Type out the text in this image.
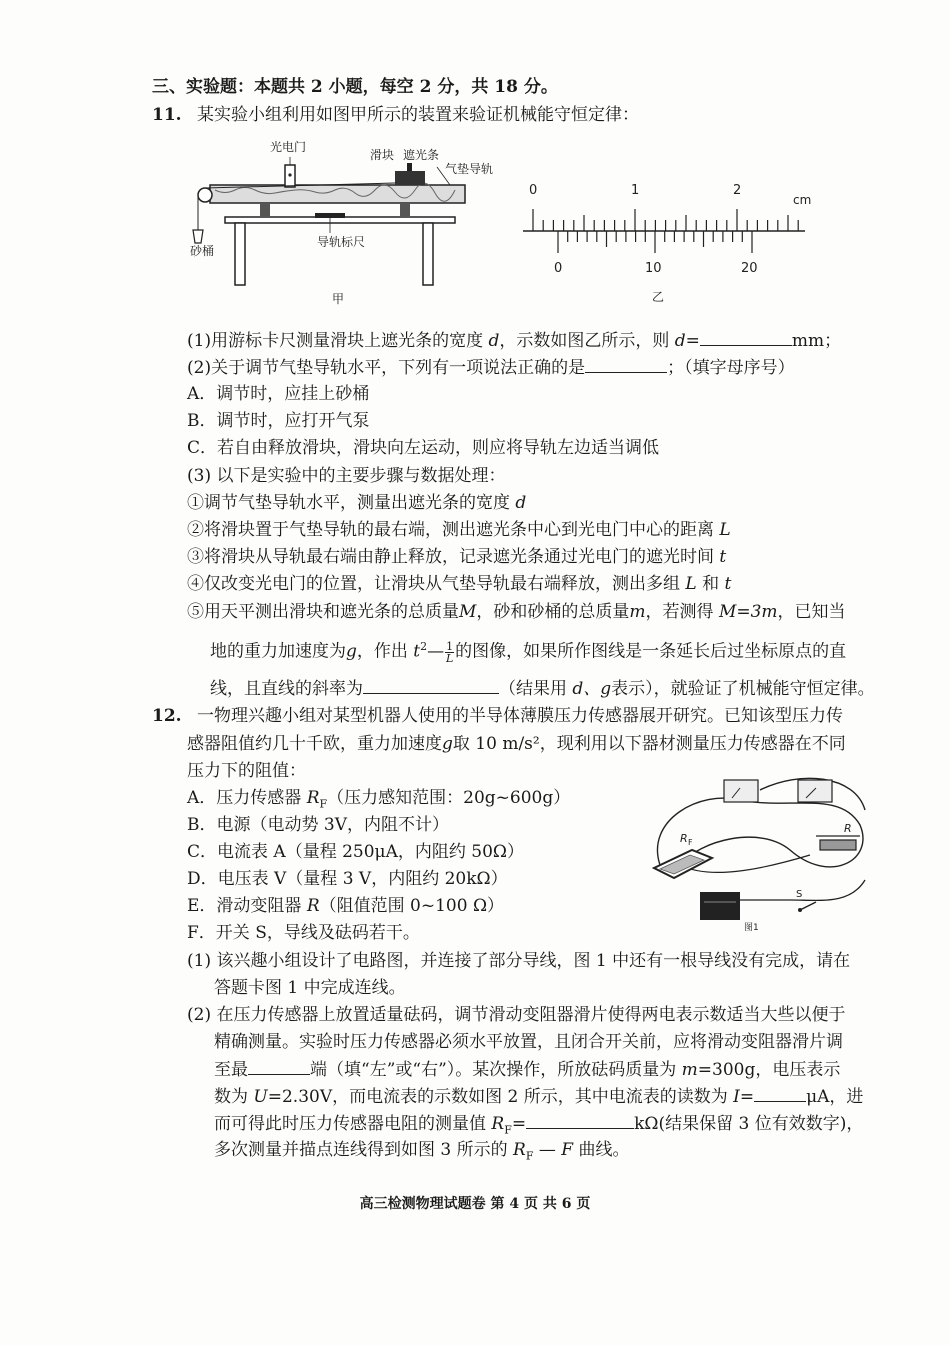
三、实验题：本题共 2 小题，每空 2 分，共 18 分。
11. 某实验小组利用如图甲所示的装置来验证机械能守恒定律：
光电门
滑块 遮光条
气垫导轨
砂桶
导轨标尺
甲
0	1	2
cm
0	10	20
乙
(1)用游标卡尺测量滑块上遮光条的宽度 d，示数如图乙所示，则 d=	mm；
(2)关于调节气垫导轨水平，下列有一项说法正确的是	；（填字母序号）
A．调节时，应挂上砂桶
B．调节时，应打开气泵
C．若自由释放滑块，滑块向左运动，则应将导轨左边适当调低
(3) 以下是实验中的主要步骤与数据处理：
①调节气垫导轨水平，测量出遮光条的宽度 d
②将滑块置于气垫导轨的最右端，测出遮光条中心到光电门中心的距离 L
③将滑块从导轨最右端由静止释放，记录遮光条通过光电门的遮光时间 t
④仅改变光电门的位置，让滑块从气垫导轨最右端释放，测出多组 L 和 t
⑤用天平测出滑块和遮光条的总质量M，砂和砂桶的总质量m，若测得 M=3m，已知当
地的重力加速度为g，作出 $t^2— \frac{1}{L}$ 的图像，如果所作图线是一条延长后过坐标原点的直
线，且直线的斜率为	（结果用 d、g表示），就验证了机械能守恒定律。
12. 一物理兴趣小组对某型机器人使用的半导体薄膜压力传感器展开研究。已知该型压力传
感器阻值约几十千欧，重力加速度g取 10 m/s²，现利用以下器材测量压力传感器在不同
压力下的阻值：
A．压力传感器 $R_F$（压力感知范围：20g~600g）
B．电源（电动势 3V，内阻不计）
C．电流表 A（量程 250μA，内阻约 50Ω）
D．电压表 V（量程 3 V，内阻约 20kΩ）
E．滑动变阻器 R（阻值范围 0~100 Ω）
F．开关 S，导线及砝码若干。
R F
R
S
图1
(1) 该兴趣小组设计了电路图，并连接了部分导线，图 1 中还有一根导线没有完成，请在
答题卡图 1 中完成连线。
(2) 在压力传感器上放置适量砝码，调节滑动变阻器滑片使得两电表示数适当大些以便于
精确测量。实验时压力传感器必须水平放置，且闭合开关前，应将滑动变阻器滑片调
至最	端（填“左”或“右”）。某次操作，所放砝码质量为 m=300g，电压表示
数为 U=2.30V，而电流表的示数如图 2 所示，其中电流表的读数为 I=	μA，进
而可得此时压力传感器电阻的测量值 $R_F=$	kΩ(结果保留 3 位有效数字)，
多次测量并描点连线得到如图 3 所示的 $R_F$ — F 曲线。
高三检测物理试题卷 第 4 页 共 6 页
